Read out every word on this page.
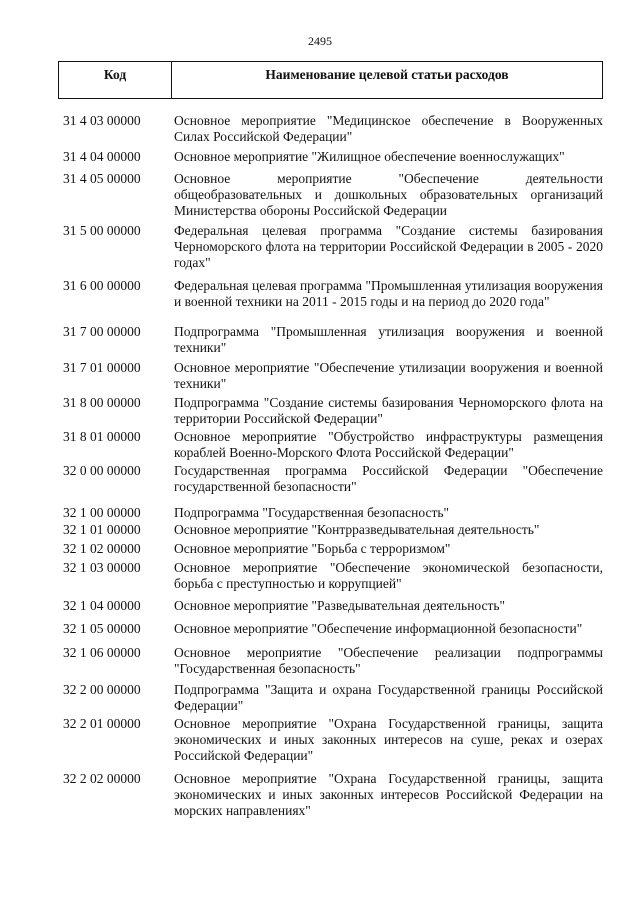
2495
Код	Наименование целевой статьи расходов
31 4 03 00000	Основное мероприятие "Медицинское обеспечение в Вооруженных Силах Российской Федерации"
31 4 04 00000	Основное мероприятие "Жилищное обеспечение военнослужащих"
31 4 05 00000	Основное мероприятие "Обеспечение деятельности общеобразовательных и дошкольных образовательных организаций Министерства обороны Российской Федерации
31 5 00 00000	Федеральная целевая программа "Создание системы базирования Черноморского флота на территории Российской Федерации в 2005 - 2020 годах"
31 6 00 00000	Федеральная целевая программа "Промышленная утилизация вооружения и военной техники на 2011 - 2015 годы и на период до 2020 года"
31 7 00 00000	Подпрограмма "Промышленная утилизация вооружения и военной техники"
31 7 01 00000	Основное мероприятие "Обеспечение утилизации вооружения и военной техники"
31 8 00 00000	Подпрограмма "Создание системы базирования Черноморского флота на территории Российской Федерации"
31 8 01 00000	Основное мероприятие "Обустройство инфраструктуры размещения кораблей Военно-Морского Флота Российской Федерации"
32 0 00 00000	Государственная программа Российской Федерации "Обеспечение государственной безопасности"
32 1 00 00000	Подпрограмма "Государственная безопасность"
32 1 01 00000	Основное мероприятие "Контрразведывательная деятельность"
32 1 02 00000	Основное мероприятие "Борьба с терроризмом"
32 1 03 00000	Основное мероприятие "Обеспечение экономической безопасности, борьба с преступностью и коррупцией"
32 1 04 00000	Основное мероприятие "Разведывательная деятельность"
32 1 05 00000	Основное мероприятие "Обеспечение информационной безопасности"
32 1 06 00000	Основное мероприятие "Обеспечение реализации подпрограммы "Государственная безопасность"
32 2 00 00000	Подпрограмма "Защита и охрана Государственной границы Российской Федерации"
32 2 01 00000	Основное мероприятие "Охрана Государственной границы, защита экономических и иных законных интересов на суше, реках и озерах Российской Федерации"
32 2 02 00000	Основное мероприятие "Охрана Государственной границы, защита экономических и иных законных интересов Российской Федерации на морских направлениях"
